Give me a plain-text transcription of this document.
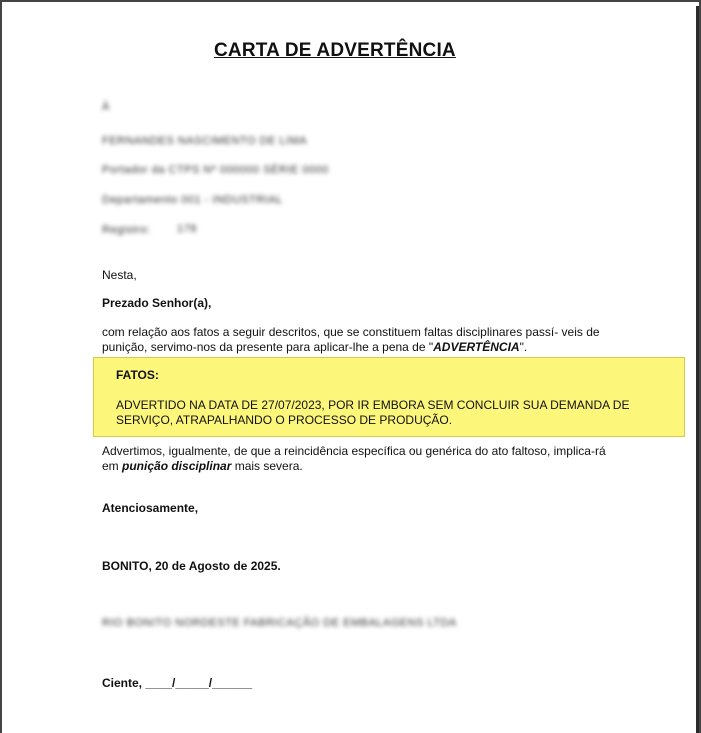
CARTA DE ADVERTÊNCIA
À
FERNANDES NASCIMENTO DE LIMA
Portador da CTPS Nº 000000 SÉRIE 0000
Departamento 001 - INDUSTRIAL
Registro: 178
Nesta,
Prezado Senhor(a),
com relação aos fatos a seguir descritos, que se constituem faltas disciplinares passí- veis de
punição, servimo-nos da presente para aplicar-lhe a pena de "ADVERTÊNCIA".
FATOS:
ADVERTIDO NA DATA DE 27/07/2023, POR IR EMBORA SEM CONCLUIR SUA DEMANDA DE
SERVIÇO, ATRAPALHANDO O PROCESSO DE PRODUÇÃO.
Advertimos, igualmente, de que a reincidência específica ou genérica do ato faltoso, implica-rá
em punição disciplinar mais severa.
Atenciosamente,
BONITO, 20 de Agosto de 2025.
RIO BONITO NORDESTE FABRICAÇÃO DE EMBALAGENS LTDA
Ciente, ____/_____/______
